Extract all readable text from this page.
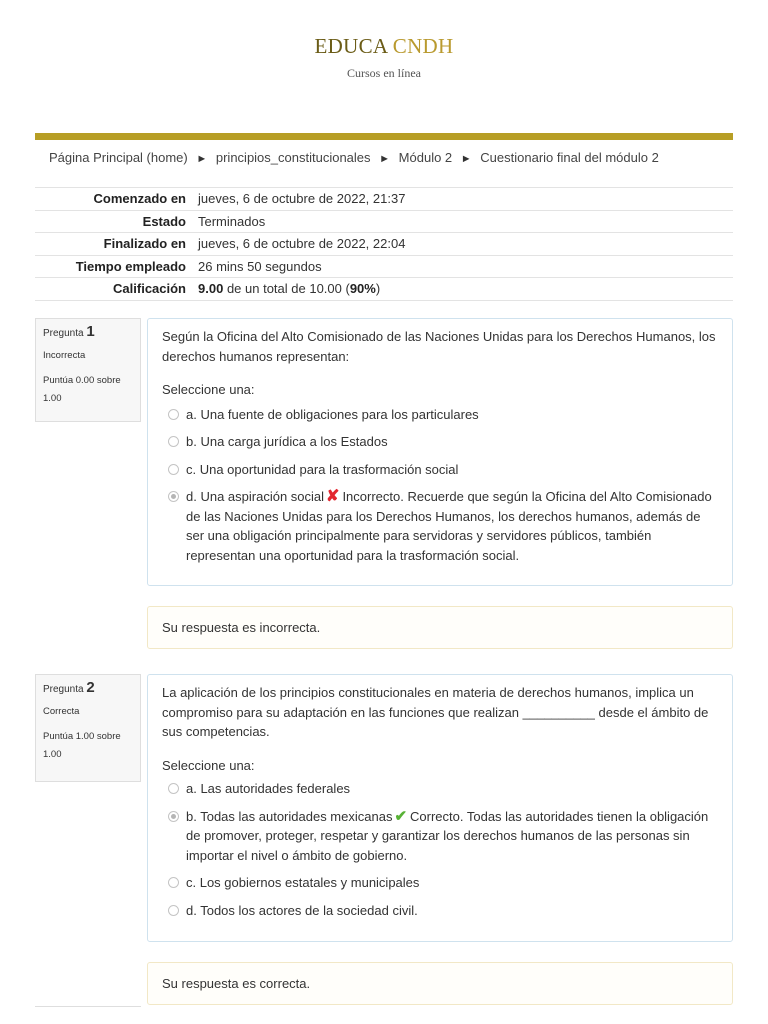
EDUCA CNDH
Cursos en línea
Página Principal (home) ► principios_constitucionales ► Módulo 2 ► Cuestionario final del módulo 2
Comenzado en	jueves, 6 de octubre de 2022, 21:37
Estado	Terminados
Finalizado en	jueves, 6 de octubre de 2022, 22:04
Tiempo empleado	26 mins 50 segundos
Calificación	9.00 de un total de 10.00 (90%)
Pregunta 1
Incorrecta
Puntúa 0.00 sobre 1.00

Según la Oficina del Alto Comisionado de las Naciones Unidas para los Derechos Humanos, los derechos humanos representan:

Seleccione una:
a. Una fuente de obligaciones para los particulares
b. Una carga jurídica a los Estados
c. Una oportunidad para la trasformación social
d. Una aspiración social ✘ Incorrecto. Recuerde que según la Oficina del Alto Comisionado de las Naciones Unidas para los Derechos Humanos, los derechos humanos, además de ser una obligación principalmente para servidoras y servidores públicos, también representan una oportunidad para la trasformación social.
Su respuesta es incorrecta.
Pregunta 2
Correcta
Puntúa 1.00 sobre 1.00

La aplicación de los principios constitucionales en materia de derechos humanos, implica un compromiso para su adaptación en las funciones que realizan __________ desde el ámbito de sus competencias.

Seleccione una:
a. Las autoridades federales
b. Todas las autoridades mexicanas ✔ Correcto. Todas las autoridades tienen la obligación de promover, proteger, respetar y garantizar los derechos humanos de las personas sin importar el nivel o ámbito de gobierno.
c. Los gobiernos estatales y municipales
d. Todos los actores de la sociedad civil.
Su respuesta es correcta.
